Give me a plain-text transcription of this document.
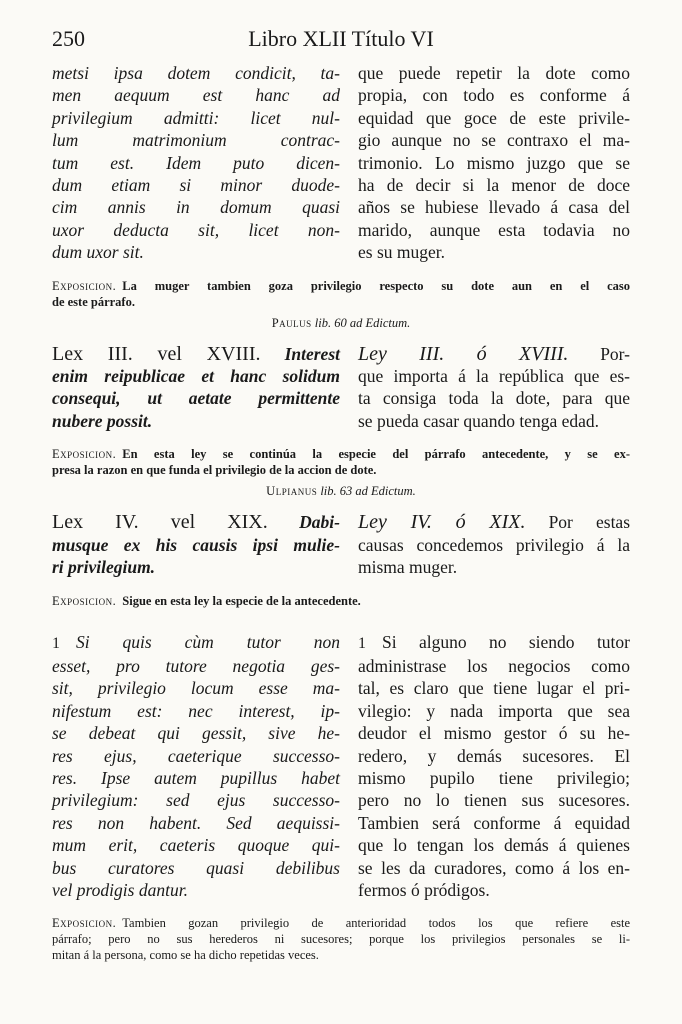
250	Libro XLII Título VI
metsi ipsa dotem condicit, ta-
men aequum est hanc ad
privilegium admitti: licet nul-
lum matrimonium contrac-
tum est. Idem puto dicen-
dum etiam si minor duode-
cim annis in domum quasi
uxor deducta sit, licet non-
dum uxor sit.
que puede repetir la dote como
propia, con todo es conforme á
equidad que goce de este privile-
gio aunque no se contraxo el ma-
trimonio. Lo mismo juzgo que se
ha de decir si la menor de doce
años se hubiese llevado á casa del
marido, aunque esta todavia no
es su muger.
Exposicion. La muger tambien goza privilegio respecto su dote aun en el caso
de este párrafo.
Paulus lib. 60 ad Edictum.
Lex III. vel XVIII. Interest
enim reipublicae et hanc solidum
consequi, ut aetate permittente
nubere possit.
Ley III. ó XVIII. Por-
que importa á la república que es-
ta consiga toda la dote, para que
se pueda casar quando tenga edad.
Exposicion. En esta ley se continúa la especie del párrafo antecedente, y se ex-
presa la razon en que funda el privilegio de la accion de dote.
Ulpianus lib. 63 ad Edictum.
Lex IV. vel XIX. Dabi-
musque ex his causis ipsi mulie-
ri privilegium.
Ley IV. ó XIX. Por estas
causas concedemos privilegio á la
misma muger.
Exposicion. Sigue en esta ley la especie de la antecedente.
1 Si quis cùm tutor non
esset, pro tutore negotia ges-
sit, privilegio locum esse ma-
nifestum est: nec interest, ip-
se debeat qui gessit, sive he-
res ejus, caeterique successo-
res. Ipse autem pupillus habet
privilegium: sed ejus successo-
res non habent. Sed aequissi-
mum erit, caeteris quoque qui-
bus curatores quasi debilibus
vel prodigis dantur.
1 Si alguno no siendo tutor
administrase los negocios como
tal, es claro que tiene lugar el pri-
vilegio: y nada importa que sea
deudor el mismo gestor ó su he-
redero, y demás sucesores. El
mismo pupilo tiene privilegio;
pero no lo tienen sus sucesores.
Tambien será conforme á equidad
que lo tengan los demás á quienes
se les da curadores, como á los en-
fermos ó pródigos.
Exposicion. Tambien gozan privilegio de anterioridad todos los que refiere este
párrafo; pero no sus herederos ni sucesores; porque los privilegios personales se li-
mitan á la persona, como se ha dicho repetidas veces.
